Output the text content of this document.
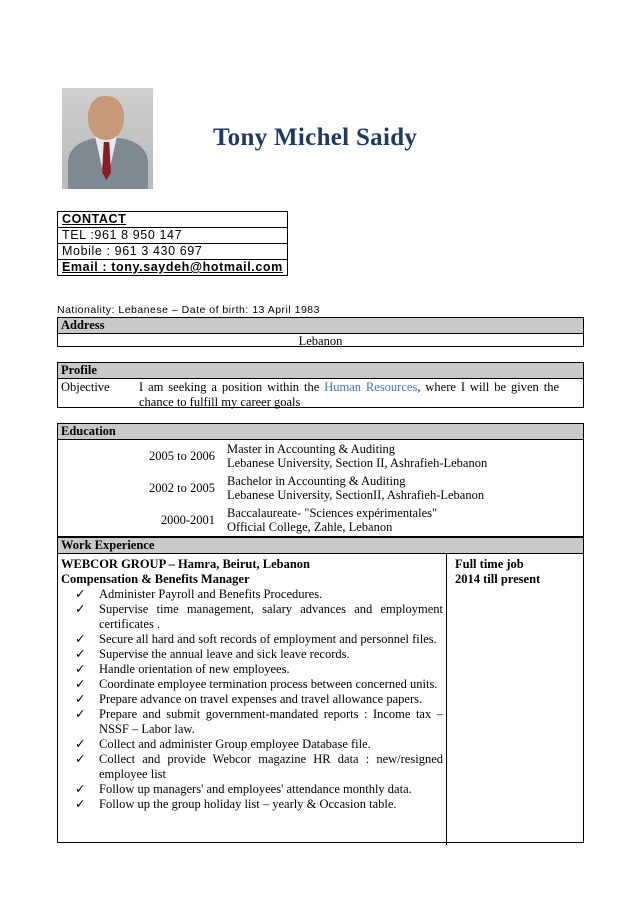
Tony Michel Saidy
CONTACT
TEL :961 8 950 147
Mobile : 961 3 430 697
Email : tony.saydeh@hotmail.com
Nationality: Lebanese – Date of birth: 13 April 1983
Address
Lebanon
Profile
Objective I am seeking a position within the Human Resources, where I will be given the chance to fulfill my career goals
Education
2005 to 2006 Master in Accounting & Auditing
Lebanese University, Section II, Ashrafieh-Lebanon
2002 to 2005 Bachelor in Accounting & Auditing
Lebanese University, SectionII, Ashrafieh-Lebanon
2000-2001 Baccalaureate- "Sciences expérimentales"
Official College, Zahle, Lebanon
Work Experience
WEBCOR GROUP – Hamra, Beirut, Lebanon
Compensation & Benefits Manager
✓ Administer Payroll and Benefits Procedures.
✓ Supervise time management, salary advances and employment certificates .
✓ Secure all hard and soft records of employment and personnel files.
✓ Supervise the annual leave and sick leave records.
✓ Handle orientation of new employees.
✓ Coordinate employee termination process between concerned units.
✓ Prepare advance on travel expenses and travel allowance papers.
✓ Prepare and submit government-mandated reports : Income tax – NSSF – Labor law.
✓ Collect and administer Group employee Database file.
✓ Collect and provide Webcor magazine HR data : new/resigned employee list
✓ Follow up managers' and employees' attendance monthly data.
✓ Follow up the group holiday list – yearly & Occasion table.
Full time job
2014 till present
